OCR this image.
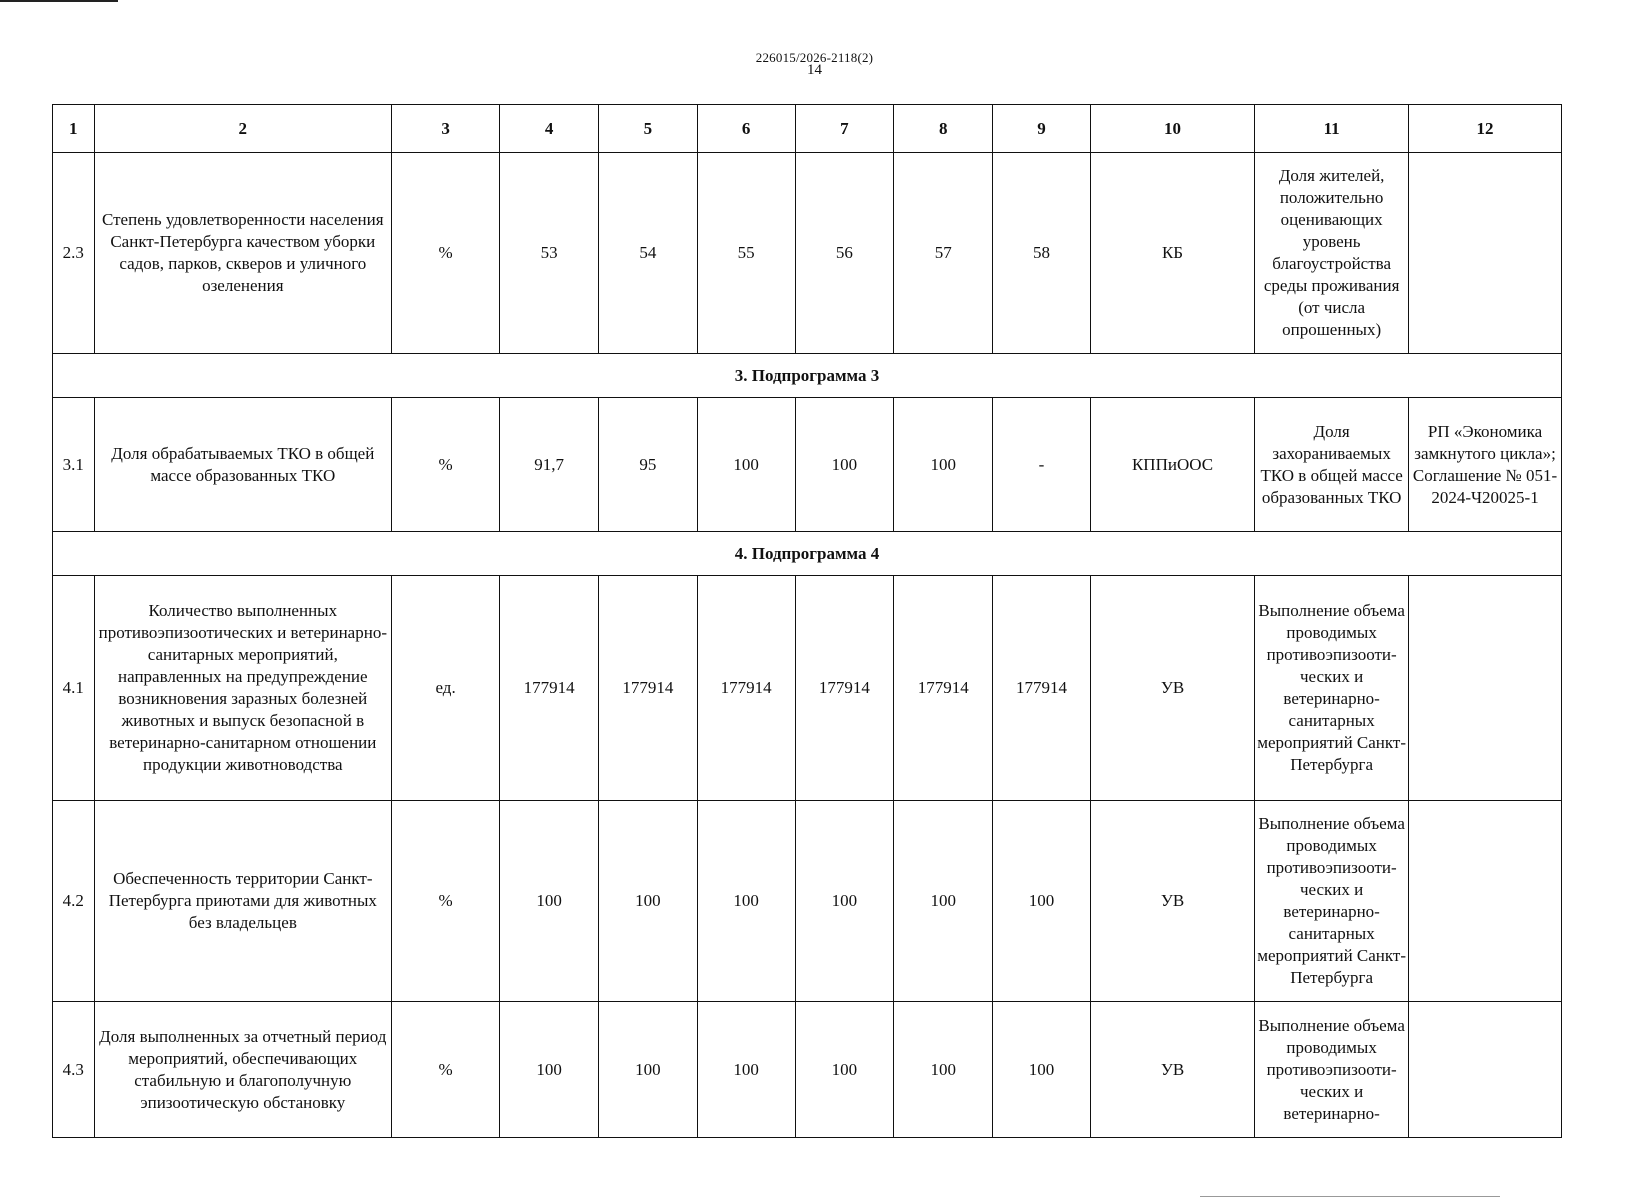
226015/2026-2118(2)
14
1	2	3	4	5	6	7	8	9	10	11	12
2.3	Степень удовлетворенности населения Санкт-Петербурга качеством уборки садов, парков, скверов и уличного озеленения	%	53	54	55	56	57	58	КБ	Доля жителей, положительно оценивающих уровень благоустройства среды проживания (от числа опрошенных)	
3. Подпрограмма 3											
3.1	Доля обрабатываемых ТКО в общей массе образованных ТКО	%	91,7	95	100	100	100	-	КППиООС	Доля захораниваемых ТКО в общей массе образованных ТКО	РП «Экономика замкнутого цикла»; Соглашение № 051-2024-Ч20025-1
4. Подпрограмма 4											
4.1	Количество выполненных противоэпизоотических и ветеринарно-санитарных мероприятий, направленных на предупреждение возникновения заразных болезней животных и выпуск безопасной в ветеринарно-санитарном отношении продукции животноводства	ед.	177914	177914	177914	177914	177914	177914	УВ	Выполнение объема проводимых противоэпизооти-ческих и ветеринарно-санитарных мероприятий Санкт-Петербурга	
4.2	Обеспеченность территории Санкт-Петербурга приютами для животных без владельцев	%	100	100	100	100	100	100	УВ	Выполнение объема проводимых противоэпизооти-ческих и ветеринарно-санитарных мероприятий Санкт-Петербурга	
4.3	Доля выполненных за отчетный период мероприятий, обеспечивающих стабильную и благополучную эпизоотическую обстановку	%	100	100	100	100	100	100	УВ	Выполнение объема проводимых противоэпизооти-ческих и ветеринарно-	
